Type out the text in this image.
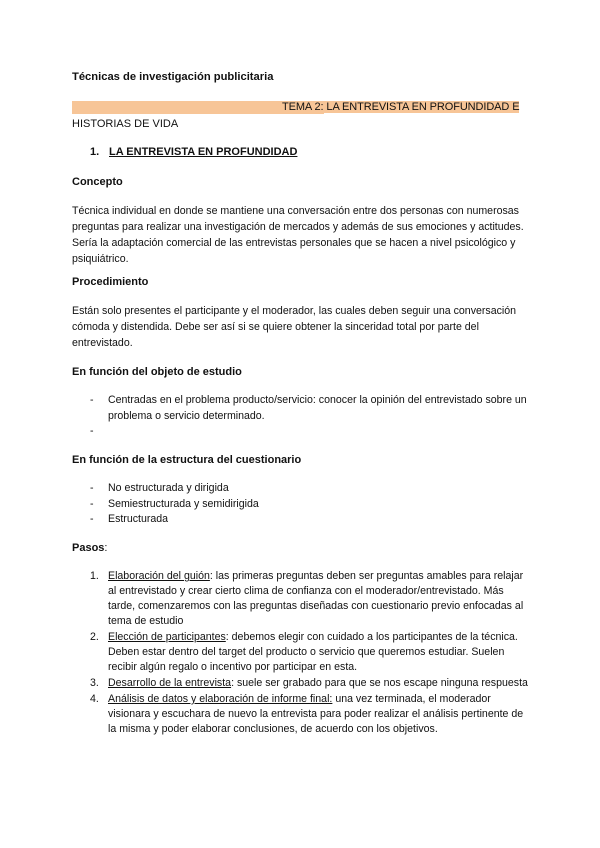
Técnicas de investigación publicitaria

TEMA 2: LA ENTREVISTA EN PROFUNDIDAD E

HISTORIAS DE VIDA

1. LA ENTREVISTA EN PROFUNDIDAD

Concepto

Técnica individual en donde se mantiene una conversación entre dos personas con numerosas preguntas para realizar una investigación de mercados y además de sus emociones y actitudes. Sería la adaptación comercial de las entrevistas personales que se hacen a nivel psicológico y psiquiátrico.

Procedimiento

Están solo presentes el participante y el moderador, las cuales deben seguir una conversación cómoda y distendida. Debe ser así si se quiere obtener la sinceridad total por parte del entrevistado.

En función del objeto de estudio
- Centradas en el problema producto/servicio: conocer la opinión del entrevistado sobre un problema o servicio determinado.
-
En función de la estructura del cuestionario
- No estructurada y dirigida
- Semiestructurada y semidirigida
- Estructurada

Pasos:

1. Elaboración del guión: las primeras preguntas deben ser preguntas amables para relajar al entrevistado y crear cierto clima de confianza con el moderador/entrevistado. Más tarde, comenzaremos con las preguntas diseñadas con cuestionario previo enfocadas al tema de estudio
2. Elección de participantes: debemos elegir con cuidado a los participantes de la técnica. Deben estar dentro del target del producto o servicio que queremos estudiar. Suelen recibir algún regalo o incentivo por participar en esta.
3. Desarrollo de la entrevista: suele ser grabado para que se nos escape ninguna respuesta
4. Análisis de datos y elaboración de informe final: una vez terminada, el moderador visionara y escuchara de nuevo la entrevista para poder realizar el análisis pertinente de la misma y poder elaborar conclusiones, de acuerdo con los objetivos.
